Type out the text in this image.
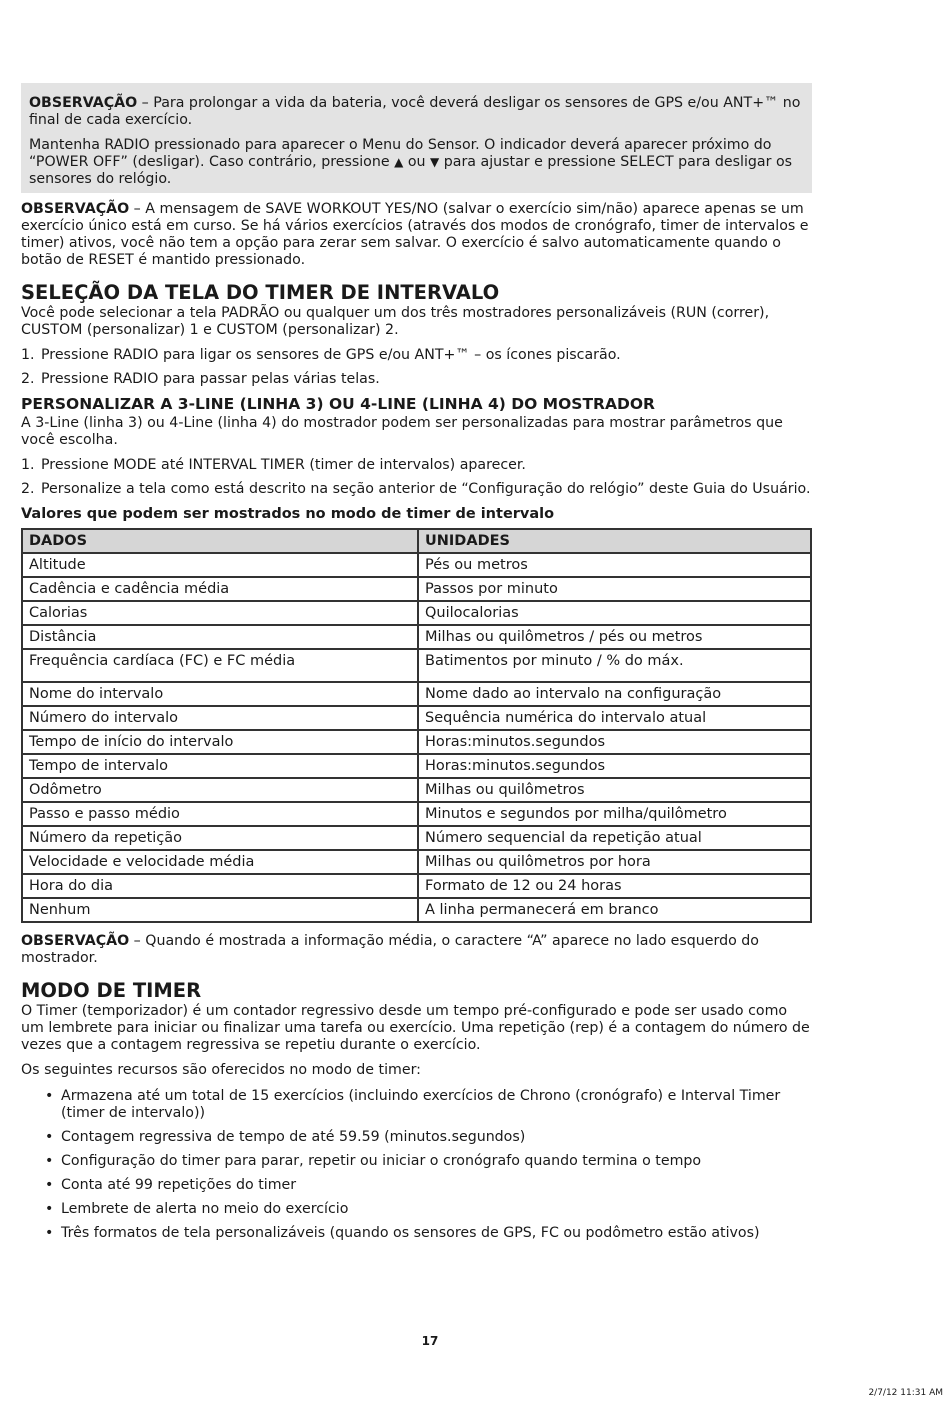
OBSERVAÇÃO – Para prolongar a vida da bateria, você deverá desligar os sensores de GPS e/ou ANT+™ no final de cada exercício.

Mantenha RADIO pressionado para aparecer o Menu do Sensor. O indicador deverá aparecer próximo do “POWER OFF” (desligar). Caso contrário, pressione ▲ ou ▼ para ajustar e pressione SELECT para desligar os sensores do relógio.

OBSERVAÇÃO – A mensagem de SAVE WORKOUT YES/NO (salvar o exercício sim/não) aparece apenas se um exercício único está em curso. Se há vários exercícios (através dos modos de cronógrafo, timer de intervalos e timer) ativos, você não tem a opção para zerar sem salvar. O exercício é salvo automaticamente quando o botão de RESET é mantido pressionado.

SELEÇÃO DA TELA DO TIMER DE INTERVALO

Você pode selecionar a tela PADRÃO ou qualquer um dos três mostradores personalizáveis (RUN (correr), CUSTOM (personalizar) 1 e CUSTOM (personalizar) 2.

1. Pressione RADIO para ligar os sensores de GPS e/ou ANT+™ – os ícones piscarão.
2. Pressione RADIO para passar pelas várias telas.
PERSONALIZAR A 3-LINE (LINHA 3) OU 4-LINE (LINHA 4) DO MOSTRADOR

A 3-Line (linha 3) ou 4-Line (linha 4) do mostrador podem ser personalizadas para mostrar parâmetros que você escolha.

1. Pressione MODE até INTERVAL TIMER (timer de intervalos) aparecer.
2. Personalize a tela como está descrito na seção anterior de “Configuração do relógio” deste Guia do Usuário.
Valores que podem ser mostrados no modo de timer de intervalo
DADOS	UNIDADES
Altitude	Pés ou metros
Cadência e cadência média	Passos por minuto
Calorias	Quilocalorias
Distância	Milhas ou quilômetros / pés ou metros
Frequência cardíaca (FC) e FC média	Batimentos por minuto / % do máx.
Nome do intervalo	Nome dado ao intervalo na configuração
Número do intervalo	Sequência numérica do intervalo atual
Tempo de início do intervalo	Horas:minutos.segundos
Tempo de intervalo	Horas:minutos.segundos
Odômetro	Milhas ou quilômetros
Passo e passo médio	Minutos e segundos por milha/quilômetro
Número da repetição	Número sequencial da repetição atual
Velocidade e velocidade média	Milhas ou quilômetros por hora
Hora do dia	Formato de 12 ou 24 horas
Nenhum	A linha permanecerá em branco

OBSERVAÇÃO – Quando é mostrada a informação média, o caractere “A” aparece no lado esquerdo do mostrador.

MODO DE TIMER

O Timer (temporizador) é um contador regressivo desde um tempo pré-configurado e pode ser usado como um lembrete para iniciar ou finalizar uma tarefa ou exercício. Uma repetição (rep) é a contagem do número de vezes que a contagem regressiva se repetiu durante o exercício.

Os seguintes recursos são oferecidos no modo de timer:

• Armazena até um total de 15 exercícios (incluindo exercícios de Chrono (cronógrafo) e Interval Timer (timer de intervalo))
• Contagem regressiva de tempo de até 59.59 (minutos.segundos)
• Configuração do timer para parar, repetir ou iniciar o cronógrafo quando termina o tempo
• Conta até 99 repetições do timer
• Lembrete de alerta no meio do exercício
• Três formatos de tela personalizáveis (quando os sensores de GPS, FC ou podômetro estão ativos)
17
2/7/12 11:31 AM
